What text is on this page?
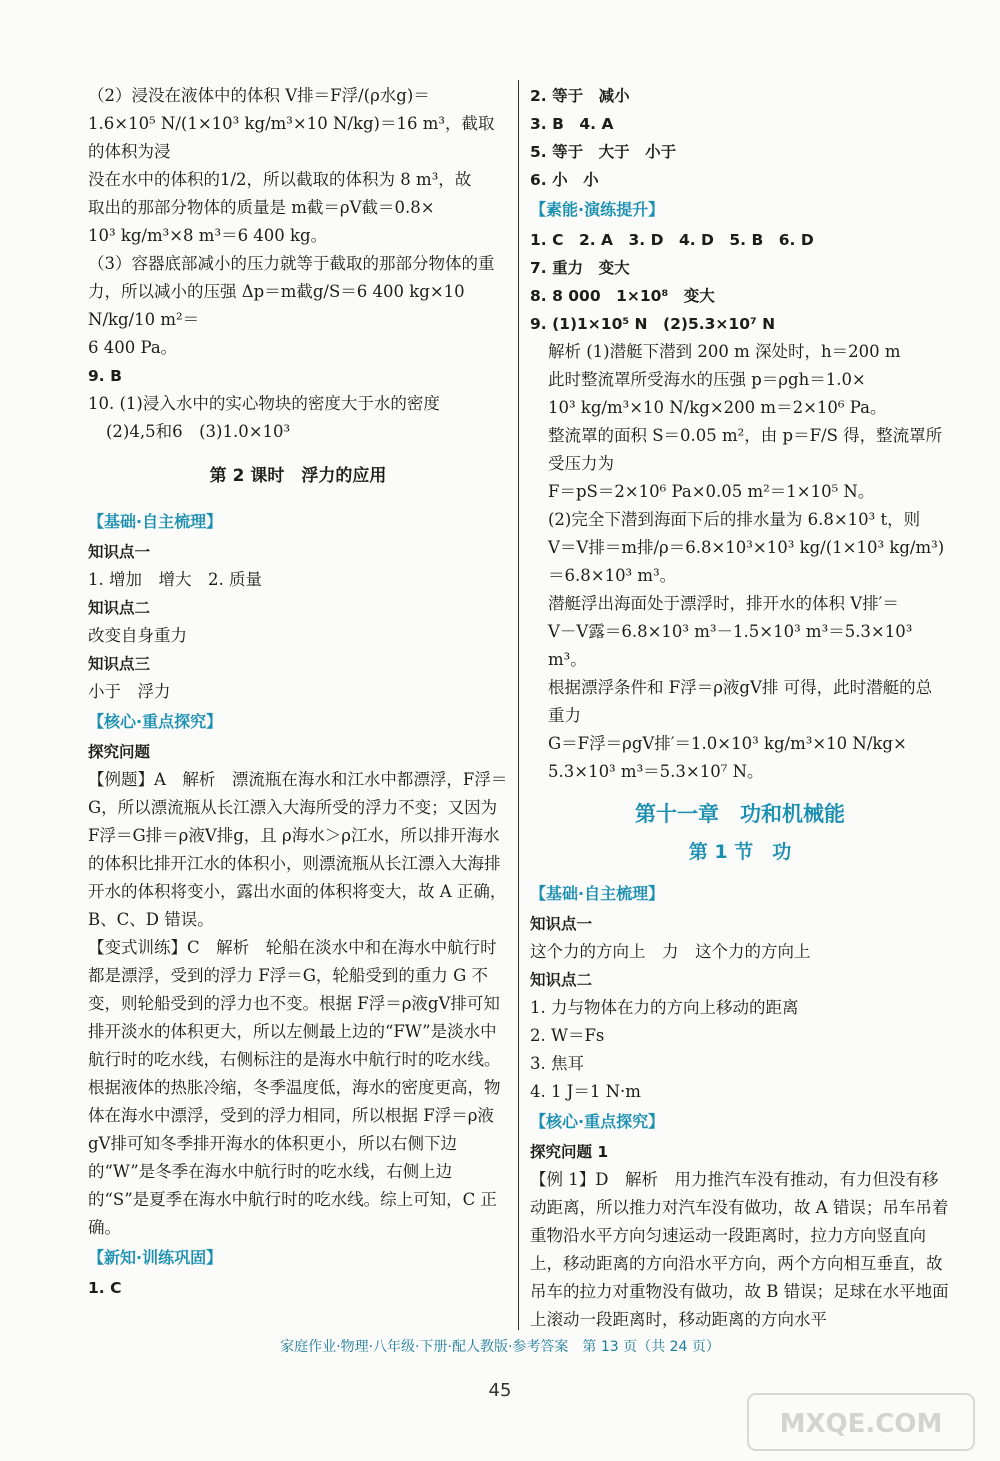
（2）浸没在液体中的体积 V排＝F浮/(ρ水g)＝

1.6×10⁵ N/(1×10³ kg/m³×10 N/kg)＝16 m³，截取的体积为浸

没在水中的体积的1/2，所以截取的体积为 8 m³，故

取出的那部分物体的质量是 m截＝ρV截＝0.8×

10³ kg/m³×8 m³＝6 400 kg。

（3）容器底部减小的压力就等于截取的那部分物体的重

力，所以减小的压强 Δp＝m截g/S＝6 400 kg×10 N/kg/10 m²＝

6 400 Pa。

9. B

10. (1)浸入水中的实心物块的密度大于水的密度

(2)4,5和6　(3)1.0×10³

第 2 课时　浮力的应用
【基础·自主梳理】

知识点一

1. 增加　增大　2. 质量

知识点二

改变自身重力

知识点三

小于　浮力

【核心·重点探究】

探究问题

【例题】A　解析　漂流瓶在海水和江水中都漂浮，F浮＝G，所以漂流瓶从长江漂入大海所受的浮力不变；又因为 F浮＝G排＝ρ液V排g，且 ρ海水＞ρ江水，所以排开海水的体积比排开江水的体积小，则漂流瓶从长江漂入大海排开水的体积将变小，露出水面的体积将变大，故 A 正确，B、C、D 错误。

【变式训练】C　解析　轮船在淡水中和在海水中航行时都是漂浮，受到的浮力 F浮＝G，轮船受到的重力 G 不变，则轮船受到的浮力也不变。根据 F浮＝ρ液gV排可知排开淡水的体积更大，所以左侧最上边的“FW”是淡水中航行时的吃水线，右侧标注的是海水中航行时的吃水线。根据液体的热胀冷缩，冬季温度低，海水的密度更高，物体在海水中漂浮，受到的浮力相同，所以根据 F浮＝ρ液gV排可知冬季排开海水的体积更小，所以右侧下边的“W”是冬季在海水中航行时的吃水线，右侧上边的“S”是夏季在海水中航行时的吃水线。综上可知，C 正确。

【新知·训练巩固】

1. C

2. 等于　减小

3. B　4. A

5. 等于　大于　小于

6. 小　小

【素能·演练提升】

1. C　2. A　3. D　4. D　5. B　6. D

7. 重力　变大

8. 8 000　1×10⁸　变大

9. (1)1×10⁵ N　(2)5.3×10⁷ N

解析 (1)潜艇下潜到 200 m 深处时，h＝200 m

此时整流罩所受海水的压强 p＝ρgh＝1.0×

10³ kg/m³×10 N/kg×200 m＝2×10⁶ Pa。

整流罩的面积 S＝0.05 m²，由 p＝F/S 得，整流罩所

受压力为

F＝pS＝2×10⁶ Pa×0.05 m²＝1×10⁵ N。

(2)完全下潜到海面下后的排水量为 6.8×10³ t，则

V＝V排＝m排/ρ＝6.8×10³×10³ kg/(1×10³ kg/m³)＝6.8×10³ m³。

潜艇浮出海面处于漂浮时，排开水的体积 V排′＝

V－V露＝6.8×10³ m³－1.5×10³ m³＝5.3×10³ m³。

根据漂浮条件和 F浮＝ρ液gV排 可得，此时潜艇的总

重力

G＝F浮＝ρgV排′＝1.0×10³ kg/m³×10 N/kg×

5.3×10³ m³＝5.3×10⁷ N。

第十一章　功和机械能
第 1 节　功
【基础·自主梳理】

知识点一

这个力的方向上　力　这个力的方向上

知识点二

1. 力与物体在力的方向上移动的距离

2. W＝Fs

3. 焦耳

4. 1 J＝1 N·m

【核心·重点探究】

探究问题 1

【例 1】D　解析　用力推汽车没有推动，有力但没有移动距离，所以推力对汽车没有做功，故 A 错误；吊车吊着重物沿水平方向匀速运动一段距离时，拉力方向竖直向上，移动距离的方向沿水平方向，两个方向相互垂直，故吊车的拉力对重物没有做功，故 B 错误；足球在水平地面上滚动一段距离时，移动距离的方向水平

家庭作业·物理·八年级·下册·配人教版·参考答案　第 13 页（共 24 页）
45
MXQE.COM
